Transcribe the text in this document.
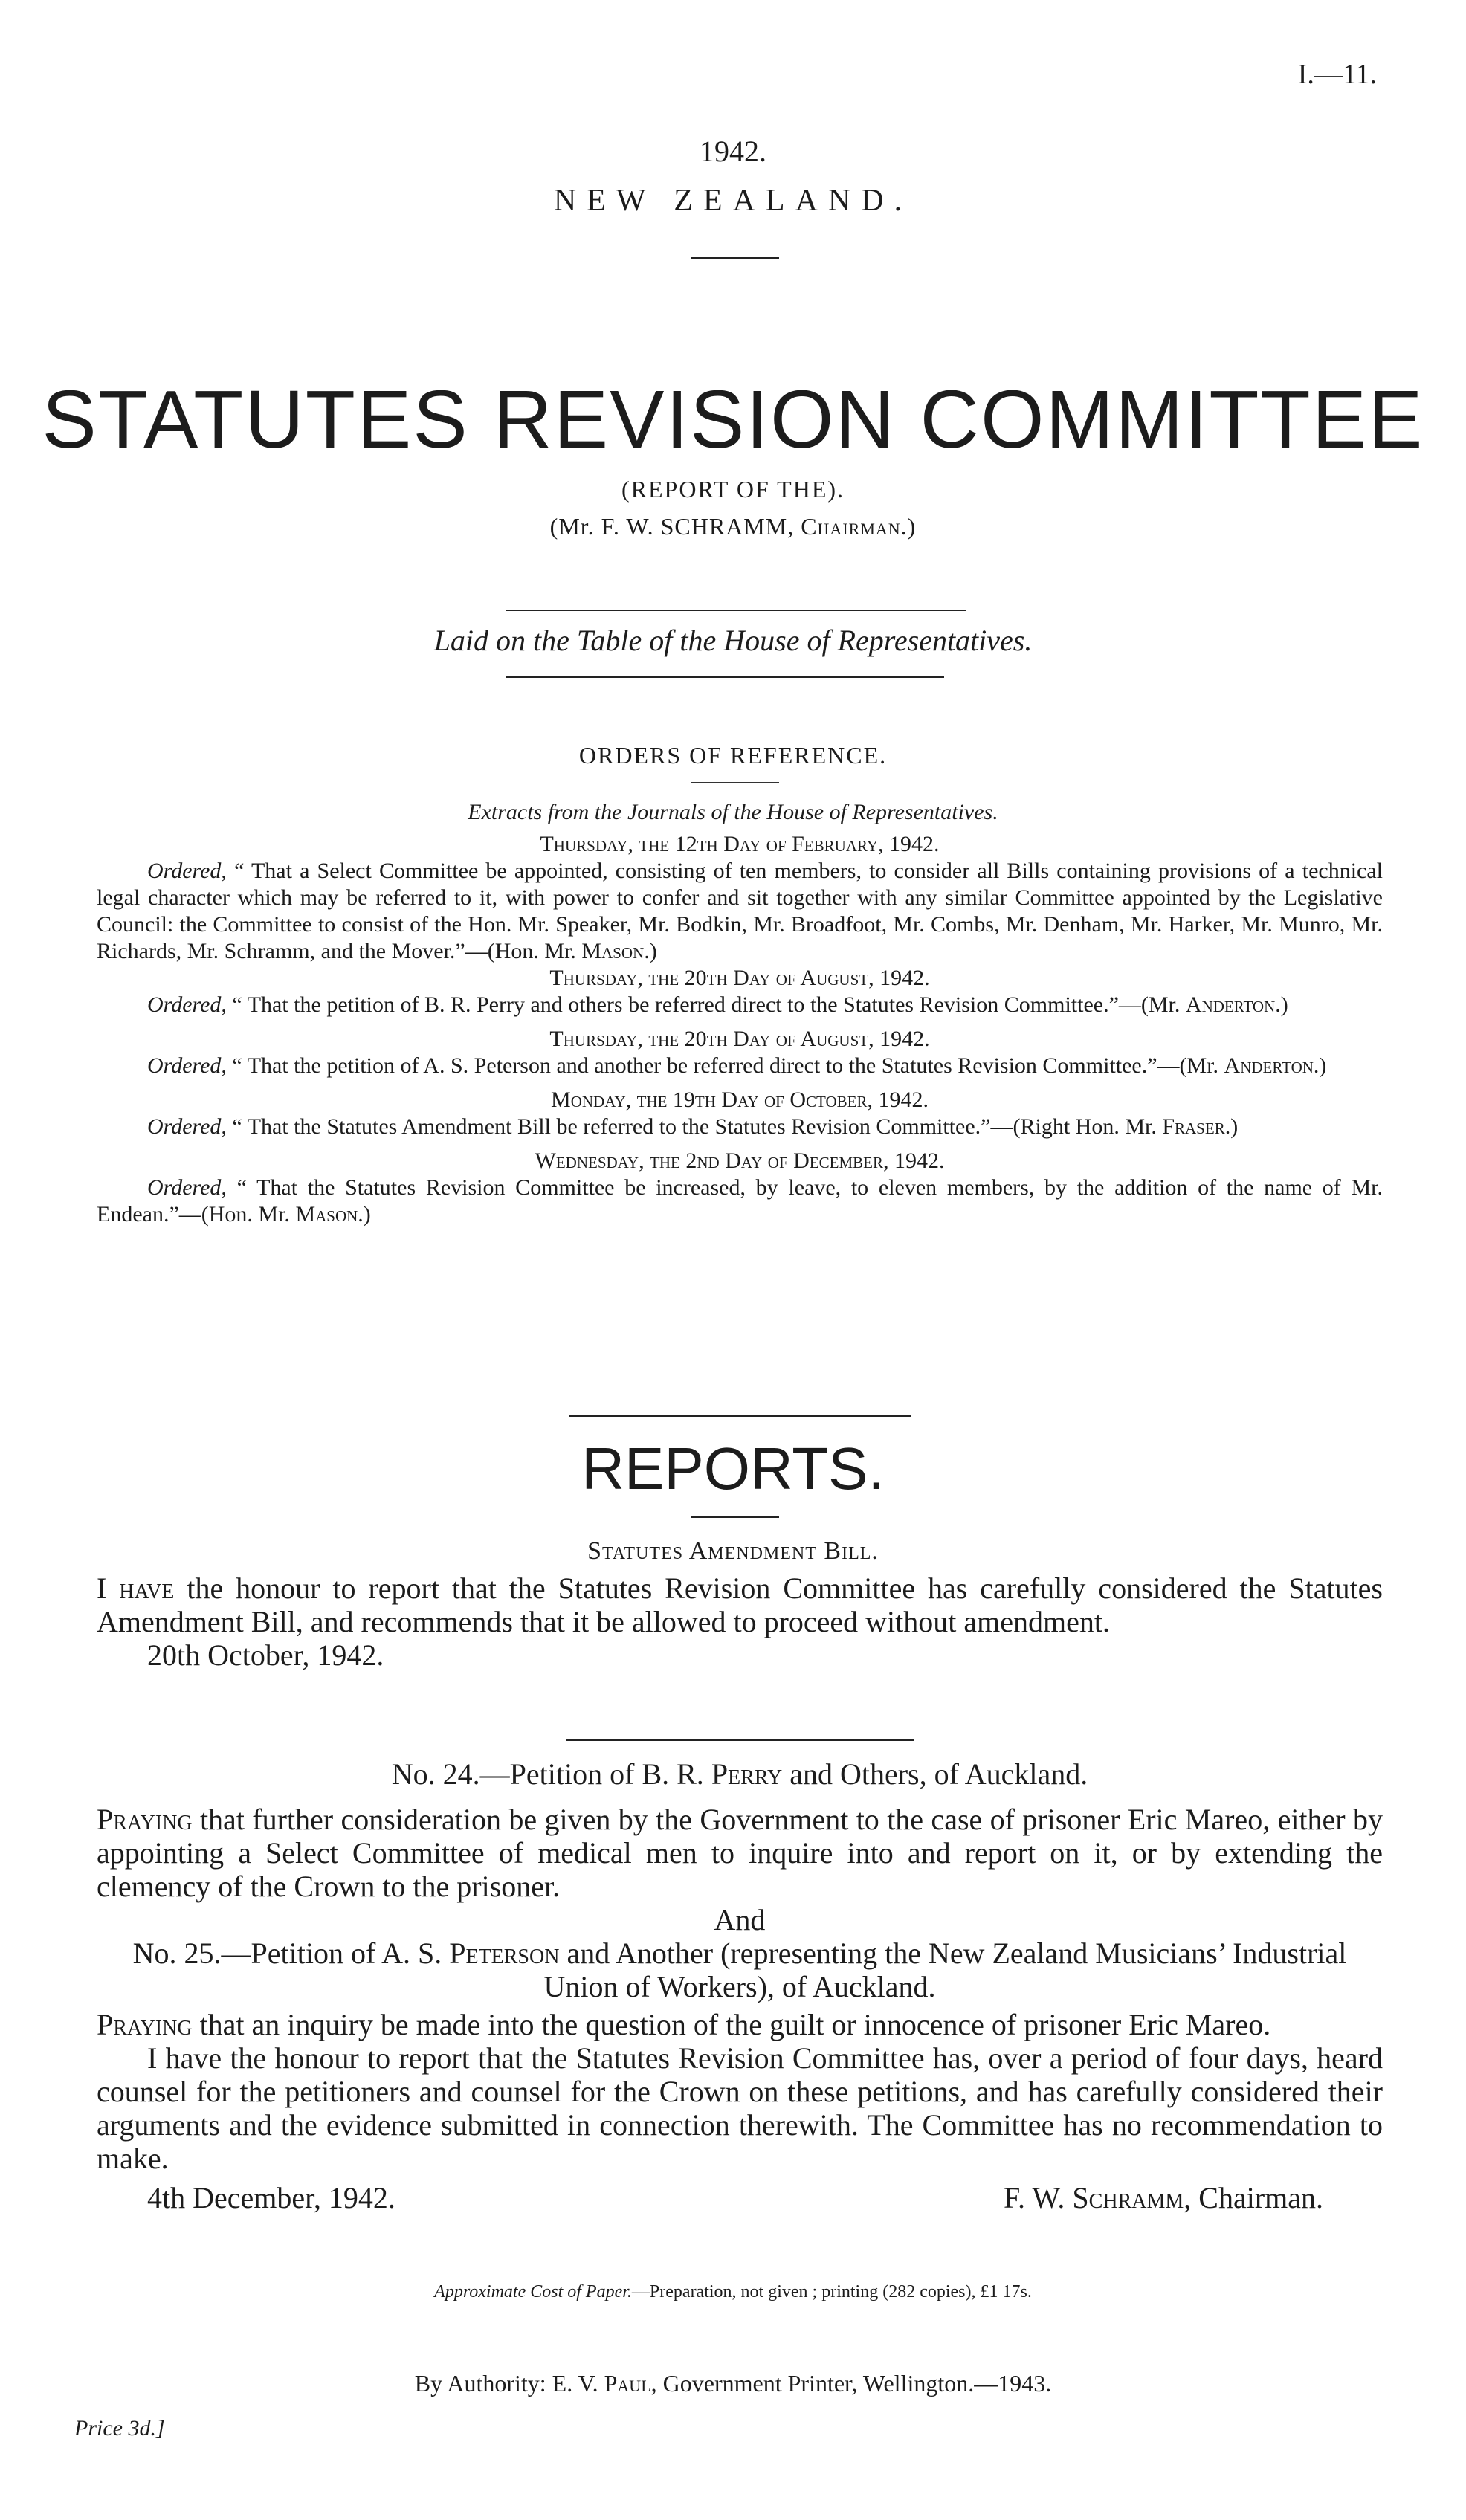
I.—11.
1942.
NEW ZEALAND.
STATUTES REVISION COMMITTEE
(REPORT OF THE).
(Mr. F. W. SCHRAMM, Chairman.)
Laid on the Table of the House of Representatives.
ORDERS OF REFERENCE.
Extracts from the Journals of the House of Representatives.
Thursday, the 12th Day of February, 1942.

Ordered, “ That a Select Committee be appointed, consisting of ten members, to consider all Bills containing provisions of a technical legal character which may be referred to it, with power to confer and sit together with any similar Committee appointed by the Legislative Council: the Committee to consist of the Hon. Mr. Speaker, Mr. Bodkin, Mr. Broadfoot, Mr. Combs, Mr. Denham, Mr. Harker, Mr. Munro, Mr. Richards, Mr. Schramm, and the Mover.”—(Hon. Mr. Mason.)

Thursday, the 20th Day of August, 1942.

Ordered, “ That the petition of B. R. Perry and others be referred direct to the Statutes Revision Committee.”—(Mr. Anderton.)

Thursday, the 20th Day of August, 1942.

Ordered, “ That the petition of A. S. Peterson and another be referred direct to the Statutes Revision Committee.”—(Mr. Anderton.)

Monday, the 19th Day of October, 1942.

Ordered, “ That the Statutes Amendment Bill be referred to the Statutes Revision Committee.”—(Right Hon. Mr. Fraser.)

Wednesday, the 2nd Day of December, 1942.

Ordered, “ That the Statutes Revision Committee be increased, by leave, to eleven members, by the addition of the name of Mr. Endean.”—(Hon. Mr. Mason.)

REPORTS.
Statutes Amendment Bill.

I have the honour to report that the Statutes Revision Committee has carefully considered the Statutes Amendment Bill, and recommends that it be allowed to proceed without amendment.

20th October, 1942.
No. 24.—Petition of B. R. Perry and Others, of Auckland.

Praying that further consideration be given by the Government to the case of prisoner Eric Mareo, either by appointing a Select Committee of medical men to inquire into and report on it, or by extending the clemency of the Crown to the prisoner.

And

No. 25.—Petition of A. S. Peterson and Another (representing the New Zealand Musicians’ Industrial Union of Workers), of Auckland.

Praying that an inquiry be made into the question of the guilt or innocence of prisoner Eric Mareo.

I have the honour to report that the Statutes Revision Committee has, over a period of four days, heard counsel for the petitioners and counsel for the Crown on these petitions, and has carefully considered their arguments and the evidence submitted in connection therewith. The Committee has no recommendation to make.

4th December, 1942.	F. W. Schramm, Chairman.
Approximate Cost of Paper.—Preparation, not given ; printing (282 copies), £1 17s.
By Authority: E. V. Paul, Government Printer, Wellington.—1943.
Price 3d.]
